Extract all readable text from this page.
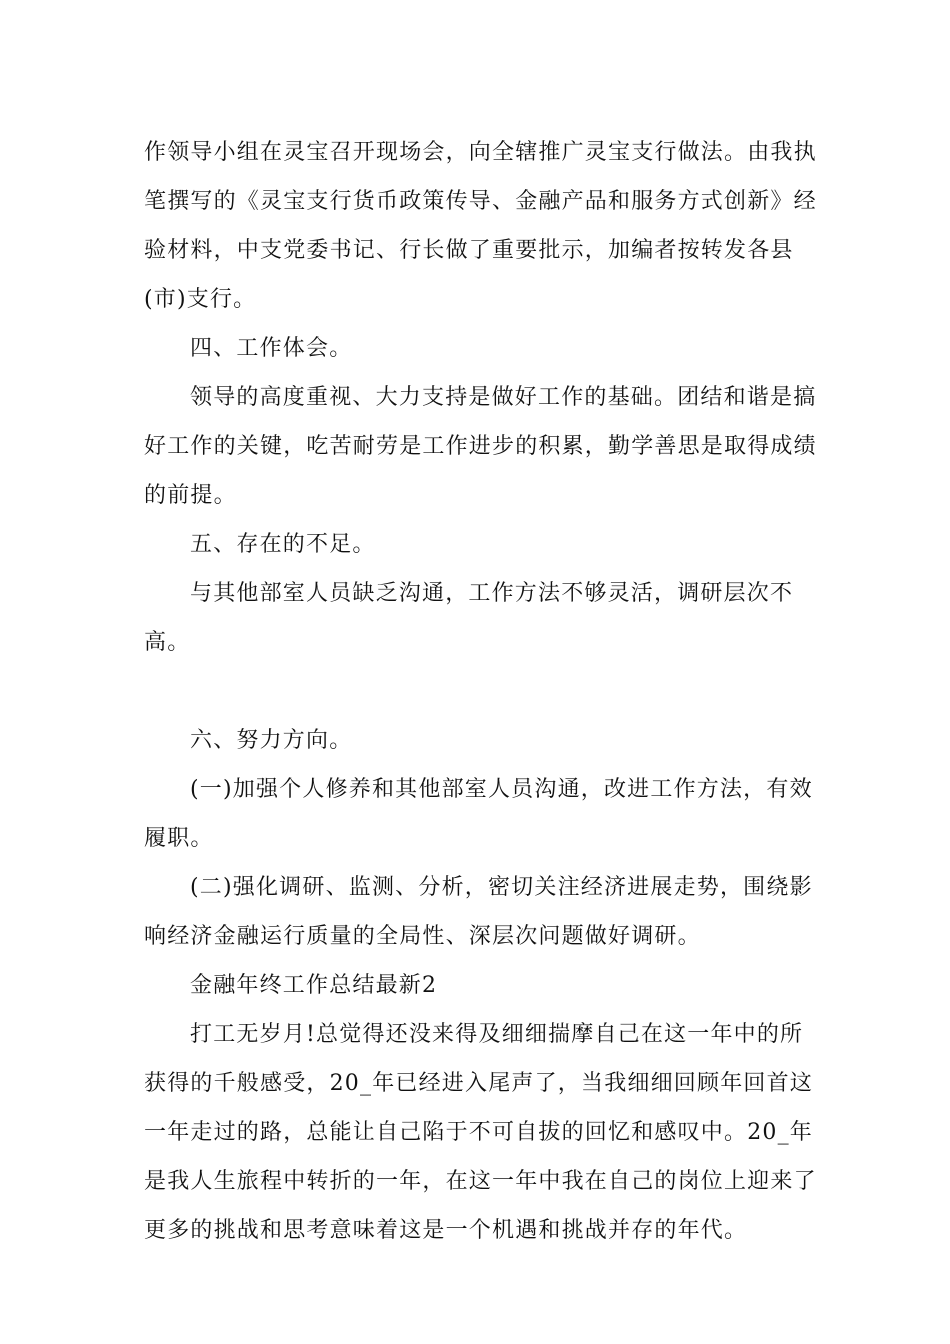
作领导小组在灵宝召开现场会，向全辖推广灵宝支行做法。由我执笔撰写的《灵宝支行货币政策传导、金融产品和服务方式创新》经验材料，中支党委书记、行长做了重要批示，加编者按转发各县(市)支行。

四、工作体会。

领导的高度重视、大力支持是做好工作的基础。团结和谐是搞好工作的关键，吃苦耐劳是工作进步的积累，勤学善思是取得成绩的前提。

五、存在的不足。

与其他部室人员缺乏沟通，工作方法不够灵活，调研层次不高。

六、努力方向。

(一)加强个人修养和其他部室人员沟通，改进工作方法，有效履职。

(二)强化调研、监测、分析，密切关注经济进展走势，围绕影响经济金融运行质量的全局性、深层次问题做好调研。

金融年终工作总结最新2

打工无岁月!总觉得还没来得及细细揣摩自己在这一年中的所获得的千般感受，20_年已经进入尾声了，当我细细回顾年回首这一年走过的路，总能让自己陷于不可自拔的回忆和感叹中。20_年是我人生旅程中转折的一年，在这一年中我在自己的岗位上迎来了更多的挑战和思考意味着这是一个机遇和挑战并存的年代。
